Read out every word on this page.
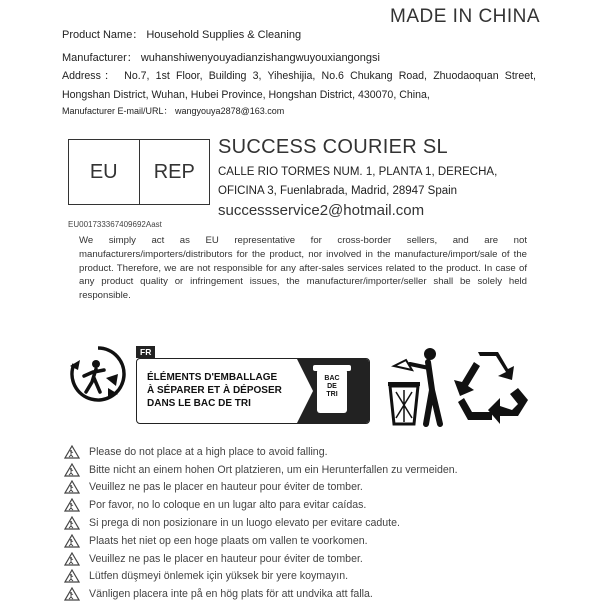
MADE IN CHINA
Product Name： Household Supplies & Cleaning
Manufacturer： wuhanshiwenyouyadianzishangwuyouxiangongsi
Address： No.7, 1st Floor, Building 3, Yiheshijia, No.6 Chukang Road, Zhuodaoquan Street, Hongshan District, Wuhan, Hubei Province, Hongshan District, 430070, China,
Manufacturer E-mail/URL： wangyouya2878@163.com
EU	REP
SUCCESS COURIER SL
CALLE RIO TORMES NUM. 1, PLANTA 1, DERECHA, OFICINA 3, Fuenlabrada, Madrid, 28947 Spain
successservice2@hotmail.com
EU001733367409692Aast
We simply act as EU representative for cross-border sellers, and are not manufacturers/importers/distributors for the product, nor involved in the manufacture/import/sale of the product. Therefore, we are not responsible for any after-sales services related to the product. In case of any product quality or infringement issues, the manufacturer/importer/seller shall be solely held responsible.
FR
ÉLÉMENTS D'EMBALLAGE
À SÉPARER ET À DÉPOSER
DANS LE BAC DE TRI
BAC DE TRI
Please do not place at a high place to avoid falling.
Bitte nicht an einem hohen Ort platzieren, um ein Herunterfallen zu vermeiden.
Veuillez ne pas le placer en hauteur pour éviter de tomber.
Por favor, no lo coloque en un lugar alto para evitar caídas.
Si prega di non posizionare in un luogo elevato per evitare cadute.
Plaats het niet op een hoge plaats om vallen te voorkomen.
Veuillez ne pas le placer en hauteur pour éviter de tomber.
Lütfen düşmeyi önlemek için yüksek bir yere koymayın.
Vänligen placera inte på en hög plats för att undvika att falla.
